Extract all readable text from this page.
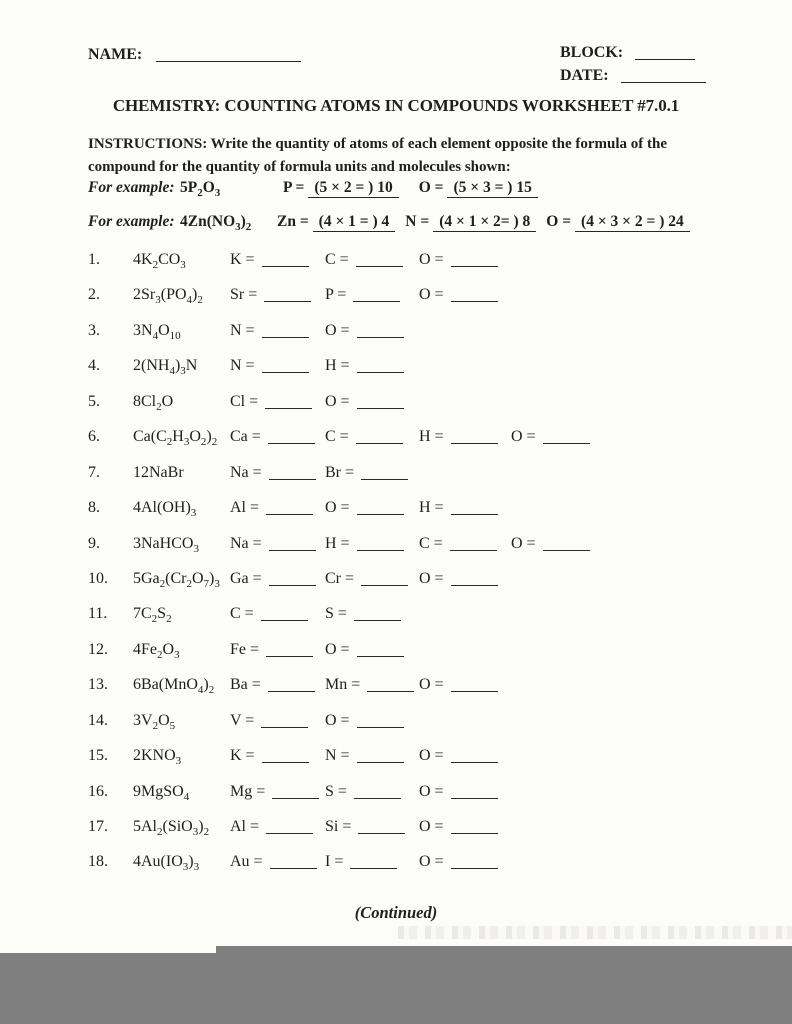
NAME:	BLOCK:
DATE:
CHEMISTRY: COUNTING ATOMS IN COMPOUNDS WORKSHEET #7.0.1
INSTRUCTIONS: Write the quantity of atoms of each element opposite the formula of the
compound for the quantity of formula units and molecules shown:
For example: $5P_2O_3$	P = (5 × 2 = ) 10 O = (5 × 3 = ) 15
For example: $4Zn(NO_3)_2$ Zn = (4 × 1 = ) 4 N = (4 × 1 × 2= ) 8 O = (4 × 3 × 2 = ) 24
1.	$4K_2CO_3$	K =	C =	O =
2.	$2Sr_3(PO_4)_2$	Sr =	P =	O =
3.	$3N_4O_{10}$	N =	O =
4.	$2(NH_4)_3N$	N =	H =
5.	$8Cl_2O$	Cl =	O =
6.	$Ca(C_2H_3O_2)_2$ Ca =	C =	H =	O =
7.	12NaBr	Na =	Br =
8.	$4Al(OH)_3$	Al =	O =	H =
9.	3NaHCO$_3$	Na =	H =	C =	O =
10.	$5Ga_2(Cr_2O_7)_3$ Ga =	Cr =	O =
11.	$7C_2S_2$	C =	S =
12.	$4Fe_2O_3$	Fe =	O =
13.	$6Ba(MnO_4)_2$ Ba =	Mn =	O =
14.	$3V_2O_5$	V =	O =
15.	$2KNO_3$	K =	N =	O =
16.	9MgSO$_4$	Mg =	S =	O =
17.	$5Al_2(SiO_3)_2$	Al =	Si =	O =
18.	$4Au(IO_3)_3$	Au =	I =	O =
(Continued)
